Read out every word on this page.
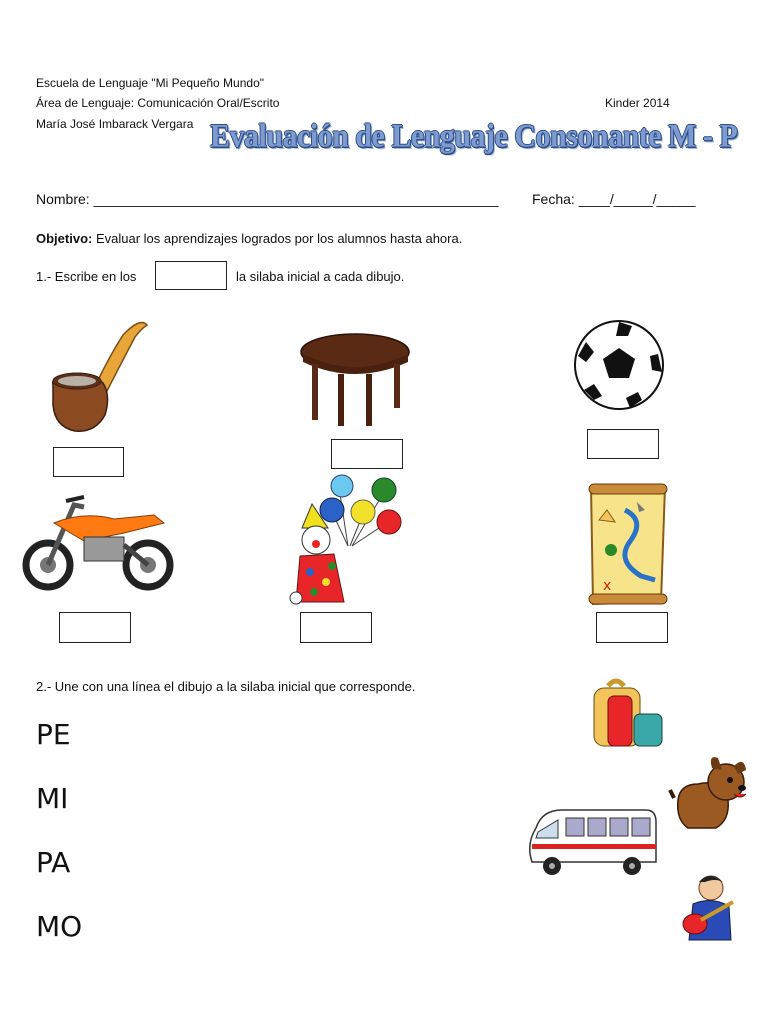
Escuela de Lenguaje "Mi Pequeño Mundo"
Área de Lenguaje: Comunicación Oral/Escrito
María José Imbarack Vergara
Kinder 2014
Evaluación de Lenguaje Consonante M - P
Nombre: ____________________________________________________ Fecha: ____/_____/_____
Objetivo: Evaluar los aprendizajes logrados por los alumnos hasta ahora.
1.- Escribe en los	la silaba inicial a cada dibujo.
x
2.- Une con una línea el dibujo a la silaba inicial que corresponde.
PE
MI
PA
MO
